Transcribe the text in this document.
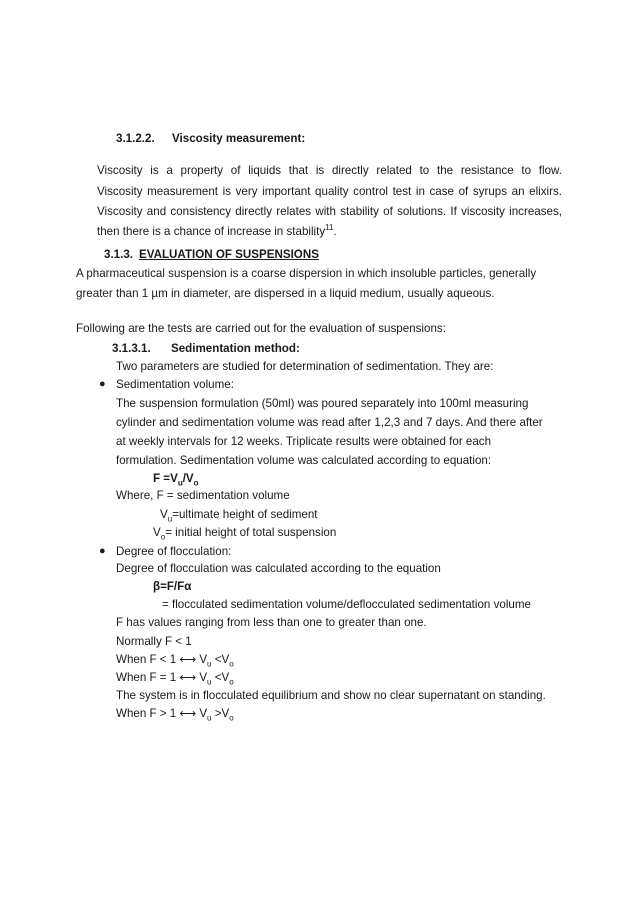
3.1.2.2. Viscosity measurement:
Viscosity is a property of liquids that is directly related to the resistance to flow.
Viscosity measurement is very important quality control test in case of syrups an elixirs.
Viscosity and consistency directly relates with stability of solutions. If viscosity increases,
then there is a chance of increase in stability$^{11}$.
3.1.3. EVALUATION OF SUSPENSIONS
A pharmaceutical suspension is a coarse dispersion in which insoluble particles, generally
greater than 1 µm in diameter, are dispersed in a liquid medium, usually aqueous.
Following are the tests are carried out for the evaluation of suspensions:
3.1.3.1. Sedimentation method:
Two parameters are studied for determination of sedimentation. They are:
● Sedimentation volume:
The suspension formulation (50ml) was poured separately into 100ml measuring
cylinder and sedimentation volume was read after 1,2,3 and 7 days. And there after
at weekly intervals for 12 weeks. Triplicate results were obtained for each
formulation. Sedimentation volume was calculated according to equation:
$F =V_u/V_o$
Where, F = sedimentation volume
$V_u=ultimate$ height of sediment
$V_o=$ initial height of total suspension
● Degree of flocculation:
Degree of flocculation was calculated according to the equation
β=F/Fα
= flocculated sedimentation volume/deflocculated sedimentation volume
F has values ranging from less than one to greater than one.
Normally F < 1
When F < 1 ⟷ $V_u <V_o$
When F = 1 ⟷ $V_u <V_o$
The system is in flocculated equilibrium and show no clear supernatant on standing.
When F > 1 ⟷ $V_u >V_o$
